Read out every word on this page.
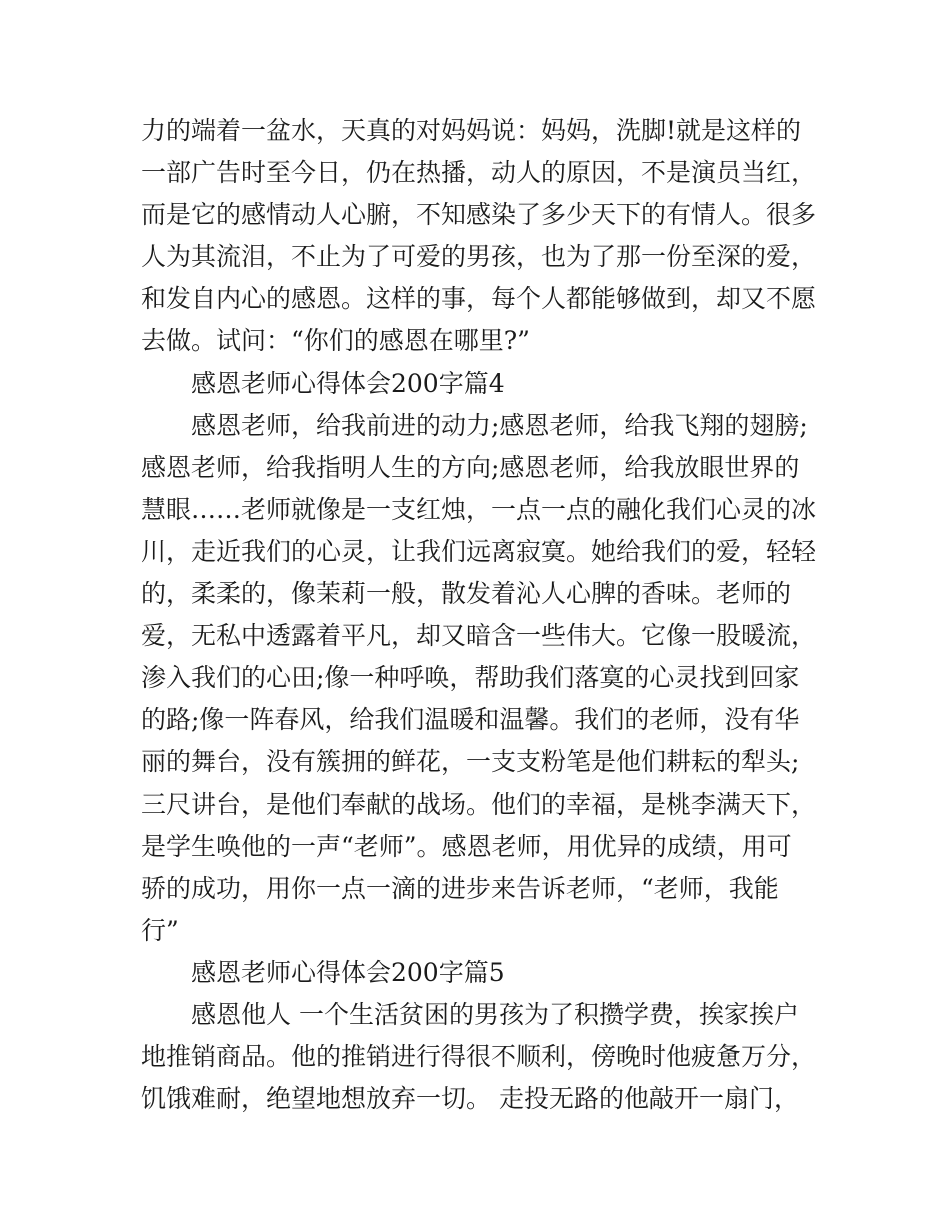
力的端着一盆水，天真的对妈妈说：妈妈，洗脚!就是这样的
一部广告时至今日，仍在热播，动人的原因，不是演员当红，
而是它的感情动人心腑，不知感染了多少天下的有情人。很多
人为其流泪，不止为了可爱的男孩，也为了那一份至深的爱，
和发自内心的感恩。这样的事，每个人都能够做到，却又不愿
去做。试问：“你们的感恩在哪里?”
感恩老师心得体会200字篇4
感恩老师，给我前进的动力;感恩老师，给我飞翔的翅膀;
感恩老师，给我指明人生的方向;感恩老师，给我放眼世界的
慧眼……老师就像是一支红烛，一点一点的融化我们心灵的冰
川，走近我们的心灵，让我们远离寂寞。她给我们的爱，轻轻
的，柔柔的，像茉莉一般，散发着沁人心脾的香味。老师的
爱，无私中透露着平凡，却又暗含一些伟大。它像一股暖流，
渗入我们的心田;像一种呼唤，帮助我们落寞的心灵找到回家
的路;像一阵春风，给我们温暖和温馨。我们的老师，没有华
丽的舞台，没有簇拥的鲜花，一支支粉笔是他们耕耘的犁头;
三尺讲台，是他们奉献的战场。他们的幸福，是桃李满天下，
是学生唤他的一声“老师”。感恩老师，用优异的成绩，用可
骄的成功，用你一点一滴的进步来告诉老师，“老师，我能
行”
感恩老师心得体会200字篇5
感恩他人 一个生活贫困的男孩为了积攒学费，挨家挨户
地推销商品。他的推销进行得很不顺利，傍晚时他疲惫万分，
饥饿难耐，绝望地想放弃一切。 走投无路的他敲开一扇门，
